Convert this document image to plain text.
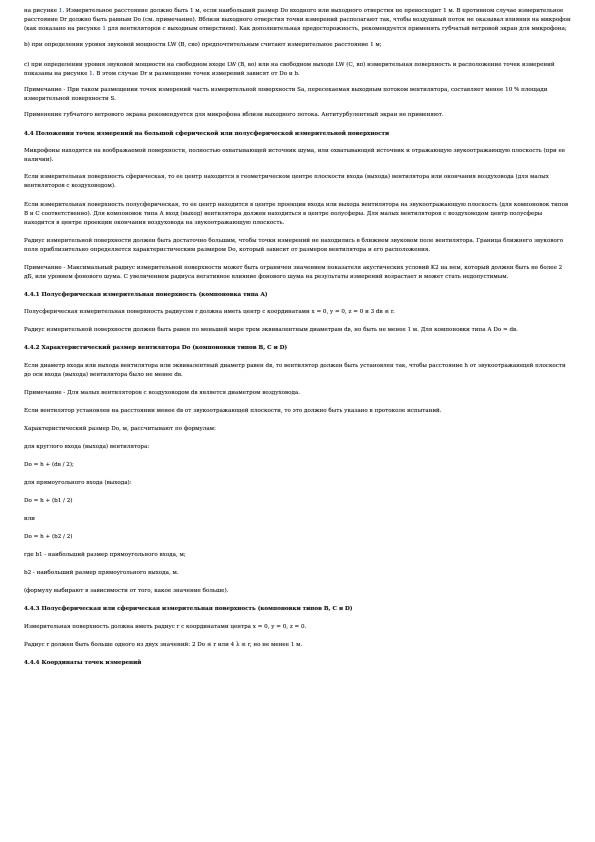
на рисунке 1. Измерительное расстояние должно быть 1 м, если наибольший размер Dо входного или выходного отверстия не превосходит 1 м. В противном случае измерительное расстояние Dr должно быть равным Dо (см. примечание). Вблизи выходного отверстия точки измерений располагают так, чтобы воздушный поток не оказывал влияния на микрофон (как показано на рисунке 1 для вентиляторов с выходным отверстием). Как дополнительная предосторожность, рекомендуется применять губчатый ветровой экран для микрофона;

b) при определении уровня звуковой мощности LW (В, сво) предпочтительным считают измерительное расстояние 1 м;

с) при определении уровня звуковой мощности на свободном входе LW (В, во) или на свободном выходе LW (С, вп) измерительная поверхность и расположение точек измерений показаны на рисунке 1. В этом случае Dr и размещение точек измерений зависят от Dо и b.

Примечание - При таком размещении точек измерений часть измерительной поверхности Sa, пересекаемая выходным потоком вентилятора, составляет менее 10 % площади измерительной поверхности S.

Применение губчатого ветрового экрана рекомендуется для микрофона вблизи выходного потока. Антитурбулентный экран не применяют.

4.4 Положения точек измерений на большой сферической или полусферической измерительной поверхности

Микрофоны находятся на воображаемой поверхности, полностью охватывающей источник шума, или охватывающей источник и отражающую звукоотражающую плоскость (при ее наличии).

Если измерительная поверхность сферическая, то ее центр находится в геометрическом центре плоскости входа (выхода) вентилятора или окончания воздуховода (для малых вентиляторов с воздуховодом).

Если измерительная поверхность полусферическая, то ее центр находится в центре проекции входа или выхода вентилятора на звукоотражающую плоскость (для компоновок типов В и С соответственно). Для компоновок типа А вход (выход) вентилятора должен находиться в центре полусферы. Для малых вентиляторов с воздуховодом центр полусферы находится в центре проекции окончания воздуховода на звукоотражающую плоскость.

Радиус измерительной поверхности должен быть достаточно большим, чтобы точки измерений не находились в ближнем звуковом поле вентилятора. Граница ближнего звукового поля приблизительно определяется характеристическим размером Dо, который зависит от размеров вентилятора и его расположения.

Примечание - Максимальный радиус измерительной поверхности может быть ограничен значением показателя акустических условий K2 на нем, который должен быть не более 2 дБ, или уровнем фонового шума. С увеличением радиуса негативное влияние фонового шума на результаты измерений возрастает и может стать недопустимым.

4.4.1 Полусферическая измерительная поверхность (компоновка типа А)

Полусферическая измерительная поверхность радиусом r должна иметь центр с координатами x = 0, y = 0, z = 0 и 3 dв ≤ r.

Радиус измерительной поверхности должен быть равен по меньшей мере трем эквивалентным диаметрам dв, но быть не менее 1 м. Для компоновки типа А Dо = dв.

4.4.2 Характеристический размер вентилятора Dо (компоновки типов В, С и D)

Если диаметр входа или выхода вентилятора или эквивалентный диаметр равен dв, то вентилятор должен быть установлен так, чтобы расстояние h от звукоотражающей плоскости до оси входа (выхода) вентилятора было не менее dв.

Примечание - Для малых вентиляторов с воздуховодом dв является диаметром воздуховода.

Если вентилятор установлен на расстоянии менее dв от звукоотражающей плоскости, то это должно быть указано в протоколе испытаний.

Характеристический размер Dо, м, рассчитывают по формулам:

для круглого входа (выхода) вентилятора:

Dо = h + (dв / 2);

для прямоугольного входа (выхода):

Dо = h + (b1 / 2)

или

Dо = h + (b2 / 2)

где b1 - наибольший размер прямоугольного входа, м;

b2 - наибольший размер прямоугольного выхода, м.

(формулу выбирают в зависимости от того, какое значение больше).

4.4.3 Полусферическая или сферическая измерительная поверхность (компоновки типов В, С и D)

Измерительная поверхность должна иметь радиус r с координатами центра x = 0, y = 0, z = 0.

Радиус r должен быть больше одного из двух значений: 2 Dо ≤ r или 4 λ ≤ r, но не менее 1 м.

4.4.4 Координаты точек измерений
